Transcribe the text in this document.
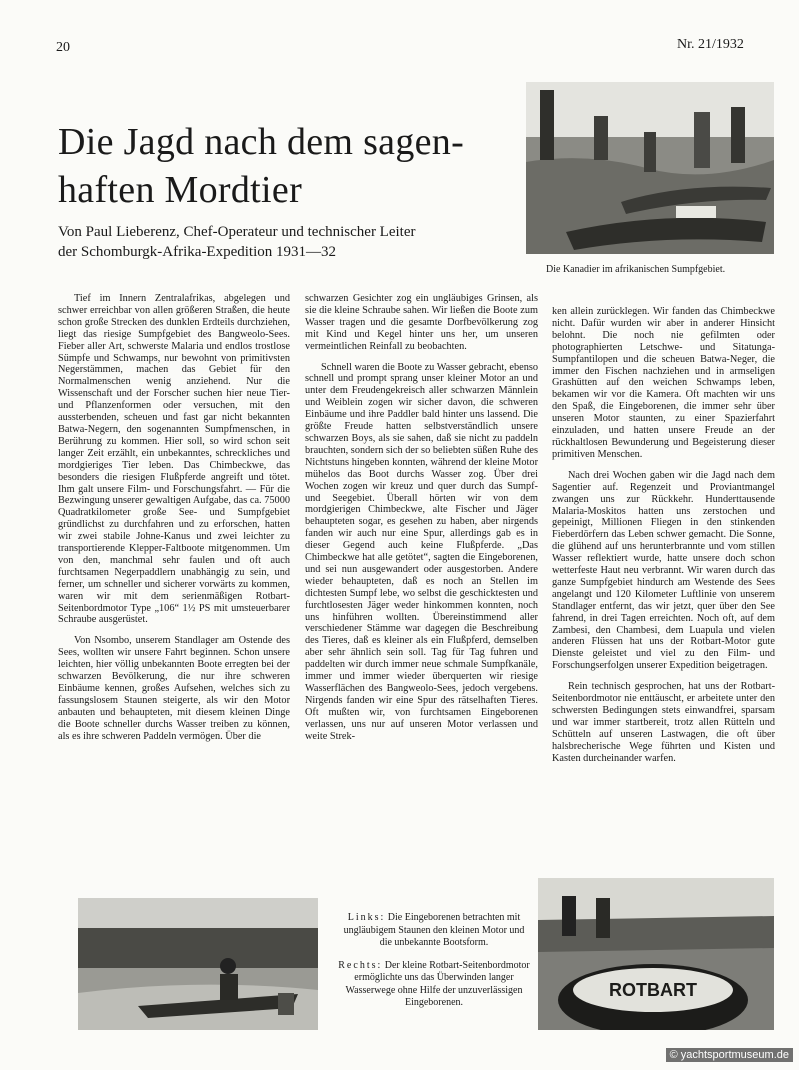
20	Nr. 21/1932
Die Jagd nach dem sagen-
haften Mordtier
Von Paul Lieberenz, Chef-Operateur und technischer Leiter
der Schomburgk-Afrika-Expedition 1931—32
Die Kanadier im afrikanischen Sumpfgebiet.

Tief im Innern Zentralafrikas, abgelegen und schwer erreichbar von allen größeren Straßen, die heute schon große Strecken des dunklen Erdteils durchziehen, liegt das riesige Sumpfgebiet des Bangweolo-Sees. Fieber aller Art, schwerste Malaria und endlos trostlose Sümpfe und Schwamps, nur bewohnt von primitivsten Negerstämmen, machen das Gebiet für den Normalmenschen wenig anziehend. Nur die Wissenschaft und der Forscher suchen hier neue Tier- und Pflanzenformen oder versuchen, mit den aussterbenden, scheuen und fast gar nicht bekannten Batwa-Negern, den sogenannten Sumpfmenschen, in Berührung zu kommen. Hier soll, so wird schon seit langer Zeit erzählt, ein unbekanntes, schreckliches und mordgieriges Tier leben. Das Chimbeckwe, das besonders die riesigen Flußpferde angreift und tötet. Ihm galt unsere Film- und Forschungsfahrt. — Für die Bezwingung unserer gewaltigen Aufgabe, das ca. 75000 Quadratkilometer große See- und Sumpfgebiet gründlichst zu durchfahren und zu erforschen, hatten wir zwei stabile Johne-Kanus und zwei leichter zu transportierende Klepper-Faltboote mitgenommen. Um von den, manchmal sehr faulen und oft auch furchtsamen Negerpaddlern unabhängig zu sein, und ferner, um schneller und sicherer vorwärts zu kommen, waren wir mit dem serienmäßigen Rotbart-Seitenbordmotor Type „106“ 1½ PS mit umsteuerbarer Schraube ausgerüstet.

Von Nsombo, unserem Standlager am Ostende des Sees, wollten wir unsere Fahrt beginnen. Schon unsere leichten, hier völlig unbekannten Boote erregten bei der schwarzen Bevölkerung, die nur ihre schweren Einbäume kennen, großes Aufsehen, welches sich zu fassungslosem Staunen steigerte, als wir den Motor anbauten und behaupteten, mit diesem kleinen Dinge die Boote schneller durchs Wasser treiben zu können, als es ihre schweren Paddeln vermögen. Über die

schwarzen Gesichter zog ein ungläubiges Grinsen, als sie die kleine Schraube sahen. Wir ließen die Boote zum Wasser tragen und die gesamte Dorfbevölkerung zog mit Kind und Kegel hinter uns her, um unseren vermeintlichen Reinfall zu beobachten.

Schnell waren die Boote zu Wasser gebracht, ebenso schnell und prompt sprang unser kleiner Motor an und unter dem Freudengekreisch aller schwarzen Männlein und Weiblein zogen wir sicher davon, die schweren Einbäume und ihre Paddler bald hinter uns lassend. Die größte Freude hatten selbstverständlich unsere schwarzen Boys, als sie sahen, daß sie nicht zu paddeln brauchten, sondern sich der so beliebten süßen Ruhe des Nichtstuns hingeben konnten, während der kleine Motor mühelos das Boot durchs Wasser zog. Über drei Wochen zogen wir kreuz und quer durch das Sumpf- und Seegebiet. Überall hörten wir von dem mordgierigen Chimbeckwe, alte Fischer und Jäger behaupteten sogar, es gesehen zu haben, aber nirgends fanden wir auch nur eine Spur, allerdings gab es in dieser Gegend auch keine Flußpferde. „Das Chimbeckwe hat alle getötet“, sagten die Eingeborenen, und sei nun ausgewandert oder ausgestorben. Andere wieder behaupteten, daß es noch an Stellen im dichtesten Sumpf lebe, wo selbst die geschicktesten und furchtlosesten Jäger weder hinkommen konnten, noch uns hinführen wollten. Übereinstimmend aller verschiedener Stämme war dagegen die Beschreibung des Tieres, daß es kleiner als ein Flußpferd, demselben aber sehr ähnlich sein soll. Tag für Tag fuhren und paddelten wir durch immer neue schmale Sumpfkanäle, immer und immer wieder überquerten wir riesige Wasserflächen des Bangweolo-Sees, jedoch vergebens. Nirgends fanden wir eine Spur des rätselhaften Tieres. Oft mußten wir, von furchtsamen Eingeborenen verlassen, uns nur auf unseren Motor verlassen und weite Strek-

ken allein zurücklegen. Wir fanden das Chimbeckwe nicht. Dafür wurden wir aber in anderer Hinsicht belohnt. Die noch nie gefilmten oder photographierten Letschwe- und Sitatunga-Sumpfantilopen und die scheuen Batwa-Neger, die immer den Fischen nachziehen und in armseligen Grashütten auf den weichen Schwamps leben, bekamen wir vor die Kamera. Oft machten wir uns den Spaß, die Eingeborenen, die immer sehr über unseren Motor staunten, zu einer Spazierfahrt einzuladen, und hatten unsere Freude an der rückhaltlosen Bewunderung und Begeisterung dieser primitiven Menschen.

Nach drei Wochen gaben wir die Jagd nach dem Sagentier auf. Regenzeit und Proviantmangel zwangen uns zur Rückkehr. Hunderttausende Malaria-Moskitos hatten uns zerstochen und gepeinigt, Millionen Fliegen in den stinkenden Fieberdörfern das Leben schwer gemacht. Die Sonne, die glühend auf uns herunterbrannte und vom stillen Wasser reflektiert wurde, hatte unsere doch schon wetterfeste Haut neu verbrannt. Wir waren durch das ganze Sumpfgebiet hindurch am Westende des Sees angelangt und 120 Kilometer Luftlinie von unserem Standlager entfernt, das wir jetzt, quer über den See fahrend, in drei Tagen erreichten. Noch oft, auf dem Zambesi, den Chambesi, dem Luapula und vielen anderen Flüssen hat uns der Rotbart-Motor gute Dienste geleistet und viel zu den Film- und Forschungserfolgen unserer Expedition beigetragen.

Rein technisch gesprochen, hat uns der Rotbart-Seitenbordmotor nie enttäuscht, er arbeitete unter den schwersten Bedingungen stets einwandfrei, sparsam und war immer startbereit, trotz allen Rütteln und Schütteln auf unseren Lastwagen, die oft über halsbrecherische Wege führten und Kisten und Kasten durcheinander warfen.

Links: Die Eingeborenen betrachten mit ungläubigem Staunen den kleinen Motor und die unbekannte Bootsform.

Rechts: Der kleine Rotbart-Seitenbordmotor ermöglichte uns das Überwinden langer Wasserwege ohne Hilfe der unzuverlässigen Eingeborenen.

ROTBART
© yachtsportmuseum.de
